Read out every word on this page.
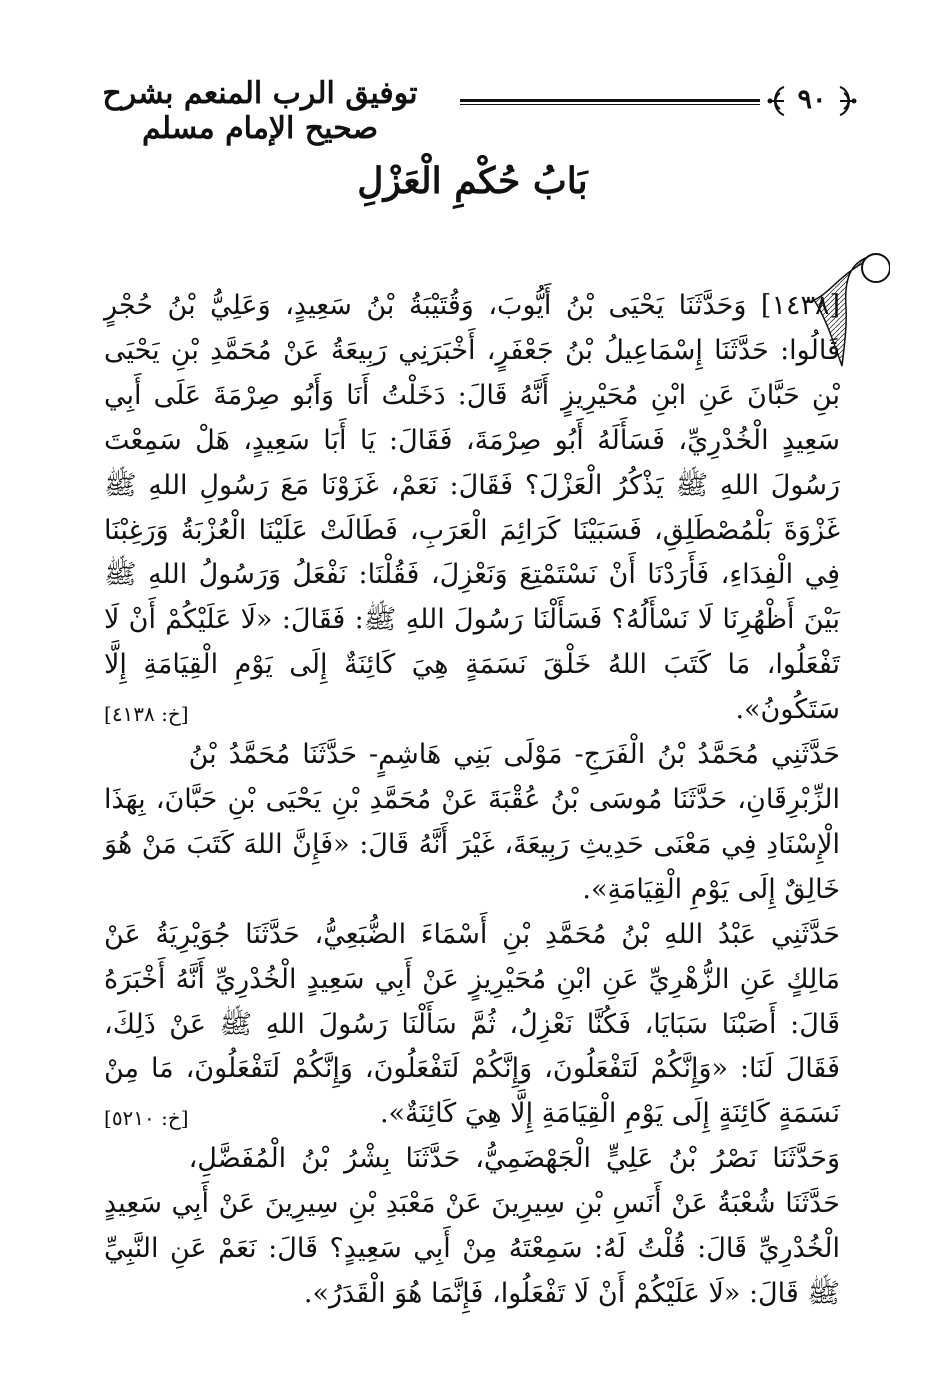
توفيق الرب المنعم بشرح صحيح الإمام مسلم
٩٠
بَابُ حُكْمِ الْعَزْلِ

[١٤٣٨] وَحَدَّثَنَا يَحْيَى بْنُ أَيُّوبَ، وَقُتَيْبَةُ بْنُ سَعِيدٍ، وَعَلِيُّ بْنُ حُجْرٍ قَالُوا: حَدَّثَنَا إِسْمَاعِيلُ بْنُ جَعْفَرٍ، أَخْبَرَنِي رَبِيعَةُ عَنْ مُحَمَّدِ بْنِ يَحْيَى بْنِ حَبَّانَ عَنِ ابْنِ مُحَيْرِيزٍ أَنَّهُ قَالَ: دَخَلْتُ أَنَا وَأَبُو صِرْمَةَ عَلَى أَبِي سَعِيدٍ الْخُدْرِيِّ، فَسَأَلَهُ أَبُو صِرْمَةَ، فَقَالَ: يَا أَبَا سَعِيدٍ، هَلْ سَمِعْتَ رَسُولَ اللهِ ﷺ يَذْكُرُ الْعَزْلَ؟ فَقَالَ: نَعَمْ، غَزَوْنَا مَعَ رَسُولِ اللهِ ﷺ غَزْوَةَ بَلْمُصْطَلِقِ، فَسَبَيْنَا كَرَائِمَ الْعَرَبِ، فَطَالَتْ عَلَيْنَا الْعُزْبَةُ وَرَغِبْنَا فِي الْفِدَاءِ، فَأَرَدْنَا أَنْ نَسْتَمْتِعَ وَنَعْزِلَ، فَقُلْنَا: نَفْعَلُ وَرَسُولُ اللهِ ﷺ بَيْنَ أَظْهُرِنَا لَا نَسْأَلُهُ؟ فَسَأَلْنَا رَسُولَ اللهِ ﷺ: فَقَالَ: «لَا عَلَيْكُمْ أَنْ لَا تَفْعَلُوا، مَا كَتَبَ اللهُ خَلْقَ نَسَمَةٍ هِيَ كَائِنَةٌ إِلَى يَوْمِ الْقِيَامَةِ إِلَّا سَتَكُونُ».
[خ: ٤١٣٨]

حَدَّثَنِي مُحَمَّدُ بْنُ الْفَرَجِ- مَوْلَى بَنِي هَاشِمٍ- حَدَّثَنَا مُحَمَّدُ بْنُ الزِّبْرِقَانِ، حَدَّثَنَا مُوسَى بْنُ عُقْبَةَ عَنْ مُحَمَّدِ بْنِ يَحْيَى بْنِ حَبَّانَ، بِهَذَا الْإِسْنَادِ فِي مَعْنَى حَدِيثِ رَبِيعَةَ، غَيْرَ أَنَّهُ قَالَ: «فَإِنَّ اللهَ كَتَبَ مَنْ هُوَ خَالِقٌ إِلَى يَوْمِ الْقِيَامَةِ».

حَدَّثَنِي عَبْدُ اللهِ بْنُ مُحَمَّدِ بْنِ أَسْمَاءَ الضُّبَعِيُّ، حَدَّثَنَا جُوَيْرِيَةُ عَنْ مَالِكٍ عَنِ الزُّهْرِيِّ عَنِ ابْنِ مُحَيْرِيزٍ عَنْ أَبِي سَعِيدٍ الْخُدْرِيِّ أَنَّهُ أَخْبَرَهُ قَالَ: أَصَبْنَا سَبَايَا، فَكُنَّا نَعْزِلُ، ثُمَّ سَأَلْنَا رَسُولَ اللهِ ﷺ عَنْ ذَلِكَ، فَقَالَ لَنَا: «وَإِنَّكُمْ لَتَفْعَلُونَ، وَإِنَّكُمْ لَتَفْعَلُونَ، وَإِنَّكُمْ لَتَفْعَلُونَ، مَا مِنْ نَسَمَةٍ كَائِنَةٍ إِلَى يَوْمِ الْقِيَامَةِ إِلَّا هِيَ كَائِنَةٌ».
[خ: ٥٢١٠]

وَحَدَّثَنَا نَصْرُ بْنُ عَلِيٍّ الْجَهْضَمِيُّ، حَدَّثَنَا بِشْرُ بْنُ الْمُفَضَّلِ، حَدَّثَنَا شُعْبَةُ عَنْ أَنَسِ بْنِ سِيرِينَ عَنْ مَعْبَدِ بْنِ سِيرِينَ عَنْ أَبِي سَعِيدٍ الْخُدْرِيِّ قَالَ: قُلْتُ لَهُ: سَمِعْتَهُ مِنْ أَبِي سَعِيدٍ؟ قَالَ: نَعَمْ عَنِ النَّبِيِّ ﷺ قَالَ: «لَا عَلَيْكُمْ أَنْ لَا تَفْعَلُوا، فَإِنَّمَا هُوَ الْقَدَرُ».
